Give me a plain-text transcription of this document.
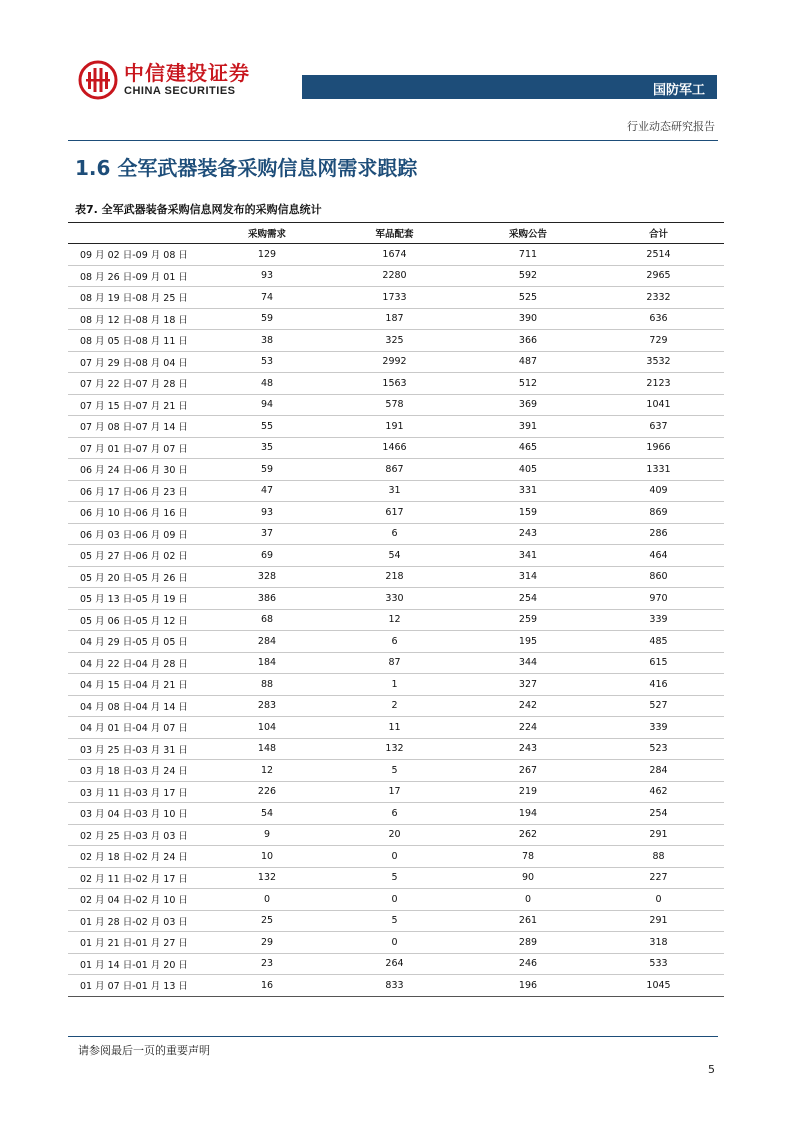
中信建投证券
CHINA SECURITIES	国防军工
行业动态研究报告
1.6 全军武器装备采购信息网需求跟踪
表7. 全军武器装备采购信息网发布的采购信息统计
	采购需求	军品配套	采购公告	合计
09 月 02 日-09 月 08 日	129	1674	711	2514
08 月 26 日-09 月 01 日	93	2280	592	2965
08 月 19 日-08 月 25 日	74	1733	525	2332
08 月 12 日-08 月 18 日	59	187	390	636
08 月 05 日-08 月 11 日	38	325	366	729
07 月 29 日-08 月 04 日	53	2992	487	3532
07 月 22 日-07 月 28 日	48	1563	512	2123
07 月 15 日-07 月 21 日	94	578	369	1041
07 月 08 日-07 月 14 日	55	191	391	637
07 月 01 日-07 月 07 日	35	1466	465	1966
06 月 24 日-06 月 30 日	59	867	405	1331
06 月 17 日-06 月 23 日	47	31	331	409
06 月 10 日-06 月 16 日	93	617	159	869
06 月 03 日-06 月 09 日	37	6	243	286
05 月 27 日-06 月 02 日	69	54	341	464
05 月 20 日-05 月 26 日	328	218	314	860
05 月 13 日-05 月 19 日	386	330	254	970
05 月 06 日-05 月 12 日	68	12	259	339
04 月 29 日-05 月 05 日	284	6	195	485
04 月 22 日-04 月 28 日	184	87	344	615
04 月 15 日-04 月 21 日	88	1	327	416
04 月 08 日-04 月 14 日	283	2	242	527
04 月 01 日-04 月 07 日	104	11	224	339
03 月 25 日-03 月 31 日	148	132	243	523
03 月 18 日-03 月 24 日	12	5	267	284
03 月 11 日-03 月 17 日	226	17	219	462
03 月 04 日-03 月 10 日	54	6	194	254
02 月 25 日-03 月 03 日	9	20	262	291
02 月 18 日-02 月 24 日	10	0	78	88
02 月 11 日-02 月 17 日	132	5	90	227
02 月 04 日-02 月 10 日	0	0	0	0
01 月 28 日-02 月 03 日	25	5	261	291
01 月 21 日-01 月 27 日	29	0	289	318
01 月 14 日-01 月 20 日	23	264	246	533
01 月 07 日-01 月 13 日	16	833	196	1045
请参阅最后一页的重要声明
5
